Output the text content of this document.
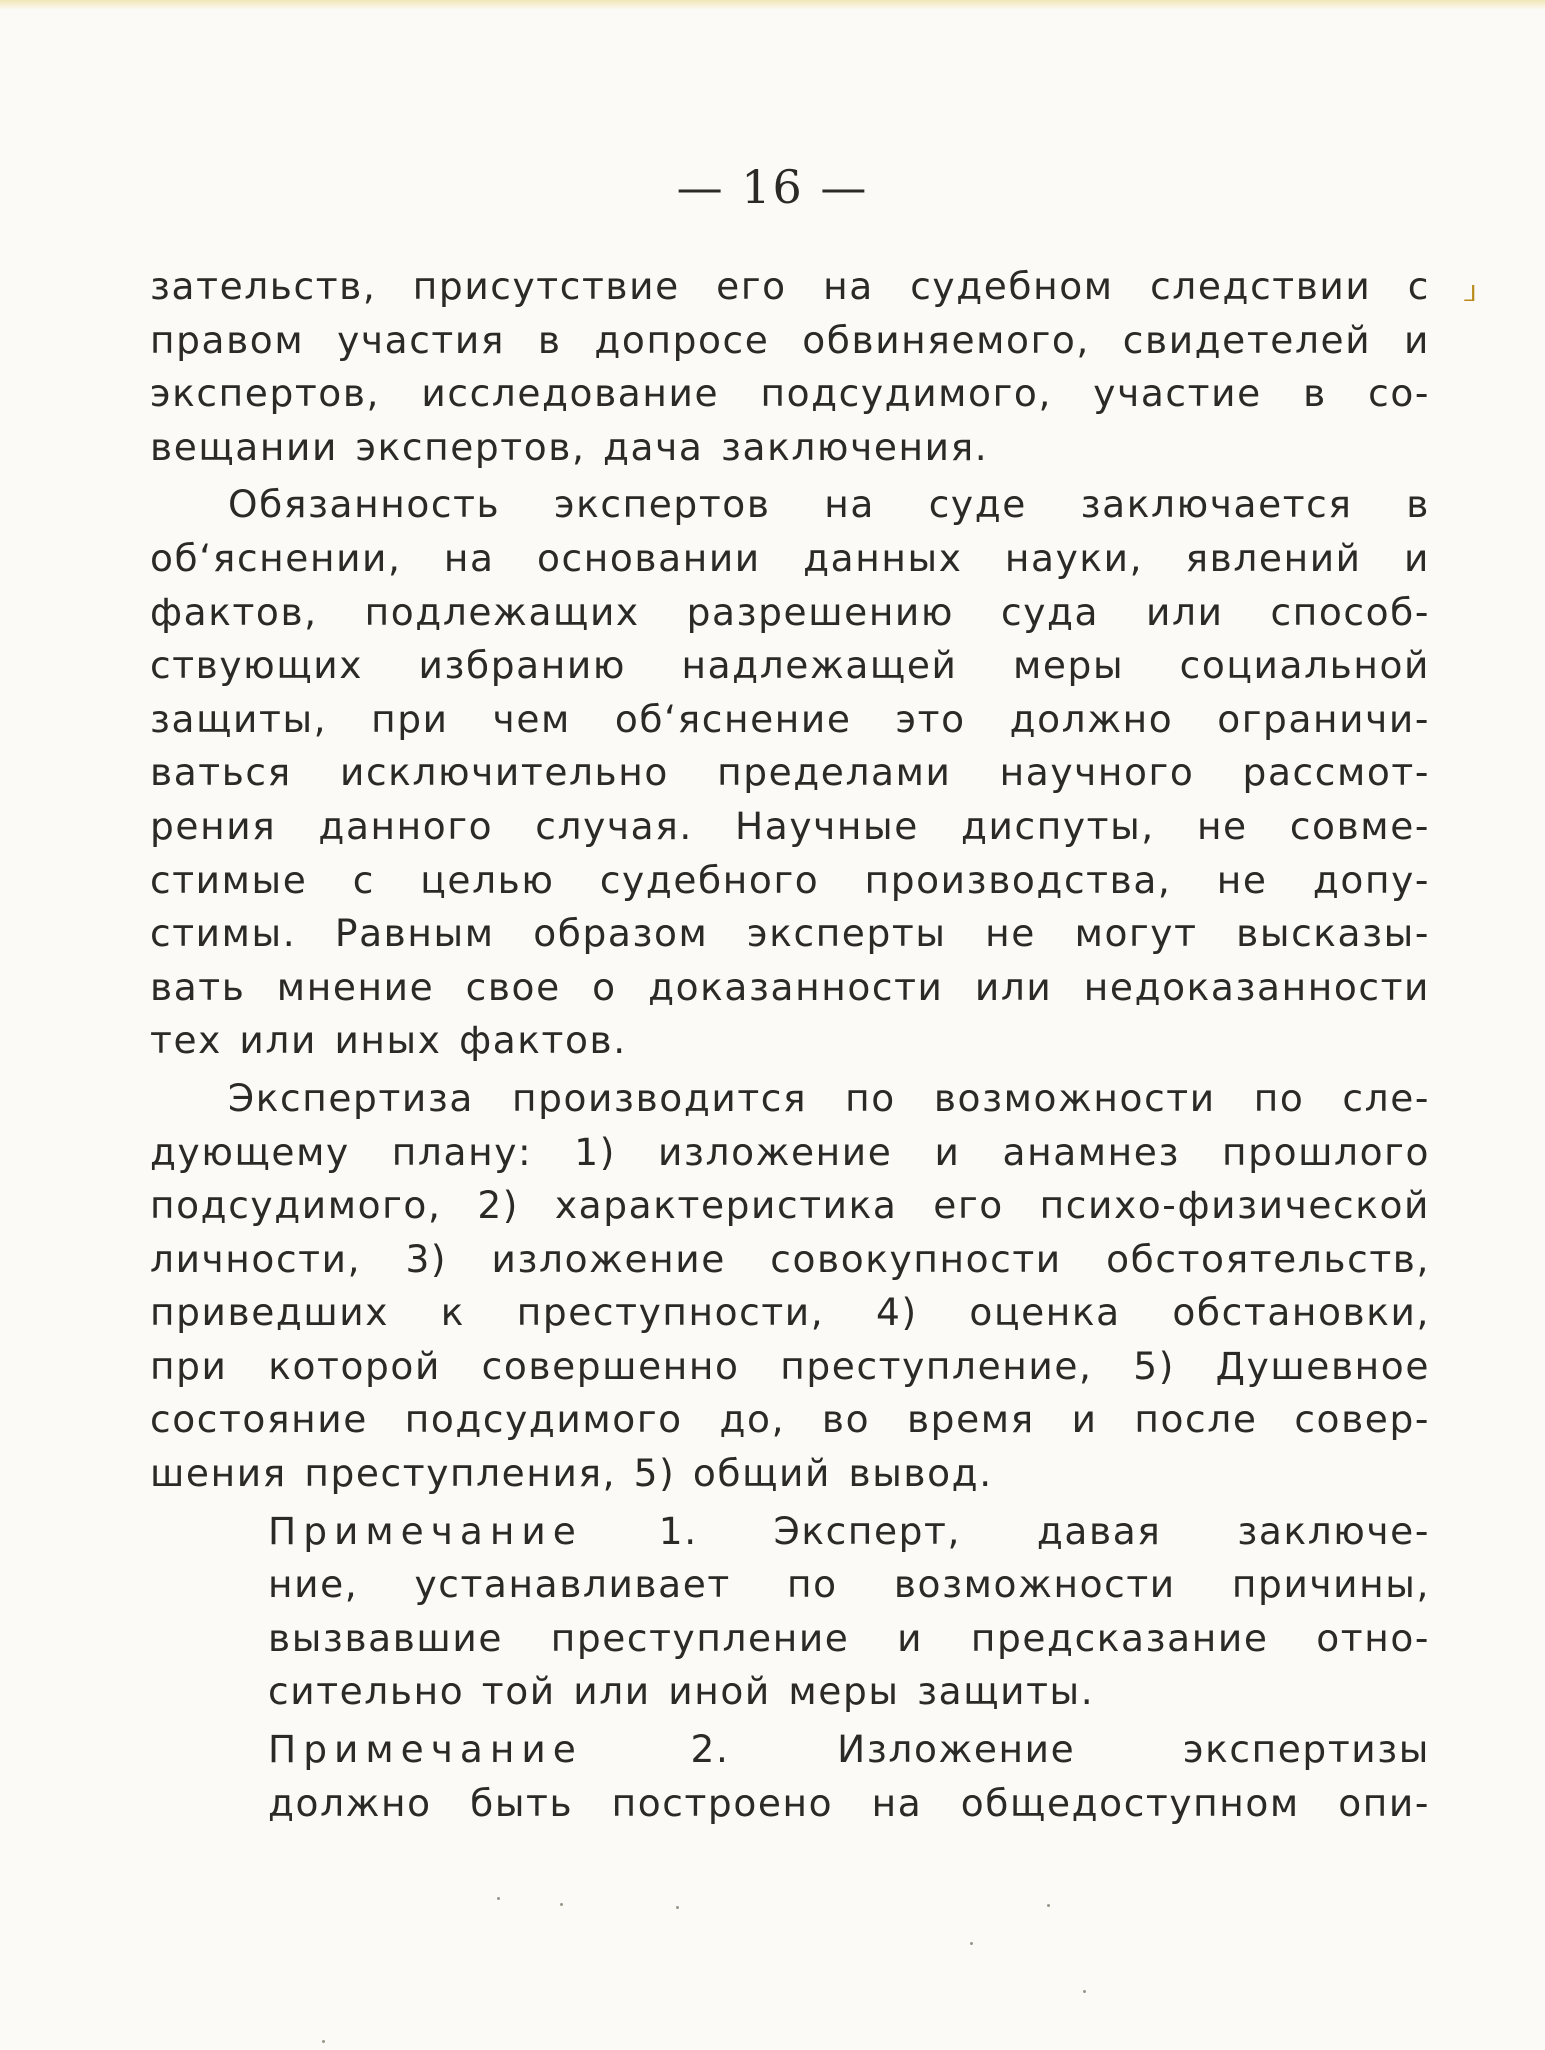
— 16 —
ᒧ
зательств, присутствие его на судебном следствии с
правом участия в допросе обвиняемого, свидетелей и
экспертов, исследование подсудимого, участие в со-
вещании экспертов, дача заключения.
Обязанность экспертов на суде заключается в
об‘яснении, на основании данных науки, явлений и
фактов, подлежащих разрешению суда или способ-
ствующих избранию надлежащей меры социальной
защиты, при чем об‘яснение это должно ограничи-
ваться исключительно пределами научного рассмот-
рения данного случая. Научные диспуты, не совме-
стимые с целью судебного производства, не допу-
стимы. Равным образом эксперты не могут высказы-
вать мнение свое о доказанности или недоказанности
тех или иных фактов.
Экспертиза производится по возможности по сле-
дующему плану: 1) изложение и анамнез прошлого
подсудимого, 2) характеристика его психо-физической
личности, 3) изложение совокупности обстоятельств,
приведших к преступности, 4) оценка обстановки,
при которой совершенно преступление, 5) Душевное
состояние подсудимого до, во время и после совер-
шения преступления, 5) общий вывод.
Примечание 1. Эксперт, давая заключе-
ние, устанавливает по возможности причины,
вызвавшие преступление и предсказание отно-
сительно той или иной меры защиты.
Примечание	2. Изложение экспертизы
должно быть построено на общедоступном опи-
